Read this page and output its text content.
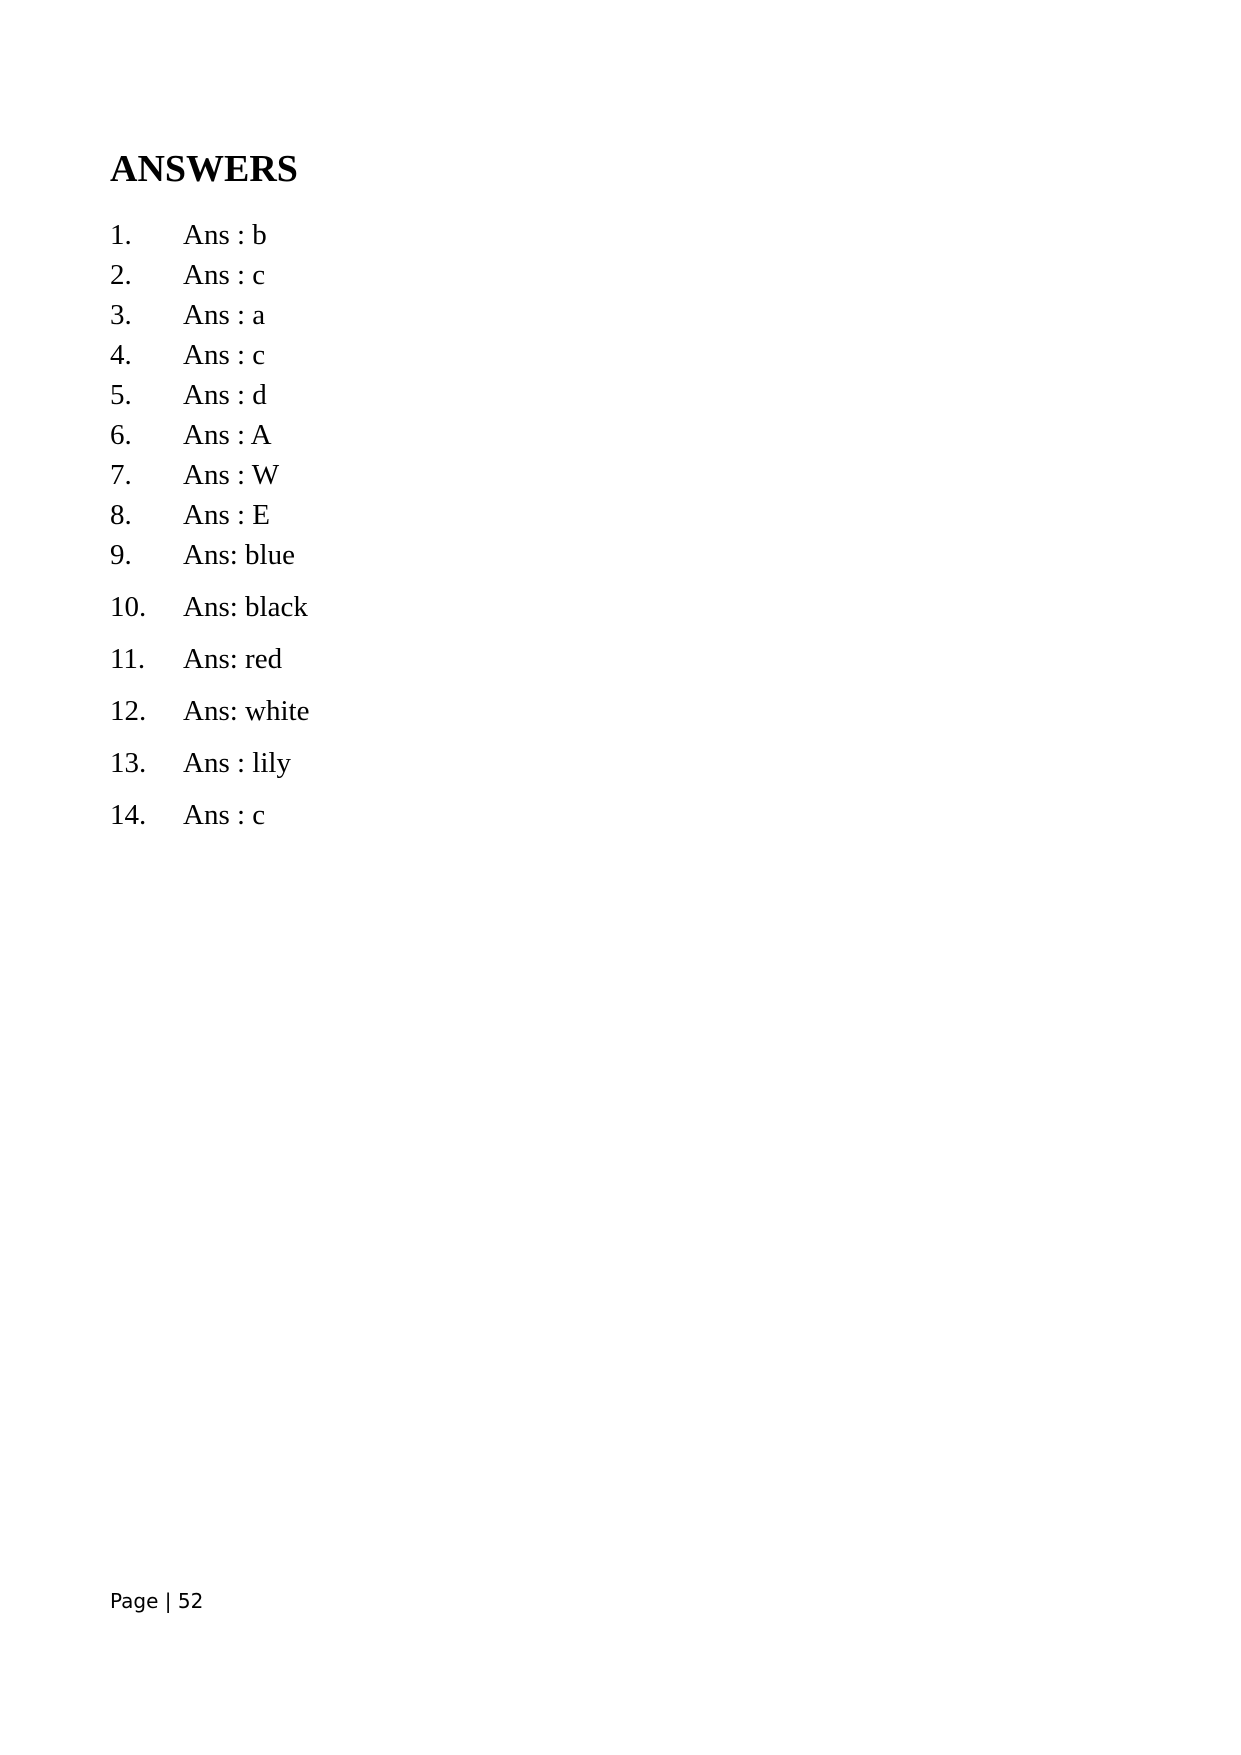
ANSWERS
1. Ans : b
2. Ans : c
3. Ans : a
4. Ans : c
5. Ans : d
6. Ans : A
7. Ans : W
8. Ans : E
9. Ans: blue
10. Ans: black
11. Ans: red
12. Ans: white
13. Ans : lily
14. Ans : c
Page | 52
